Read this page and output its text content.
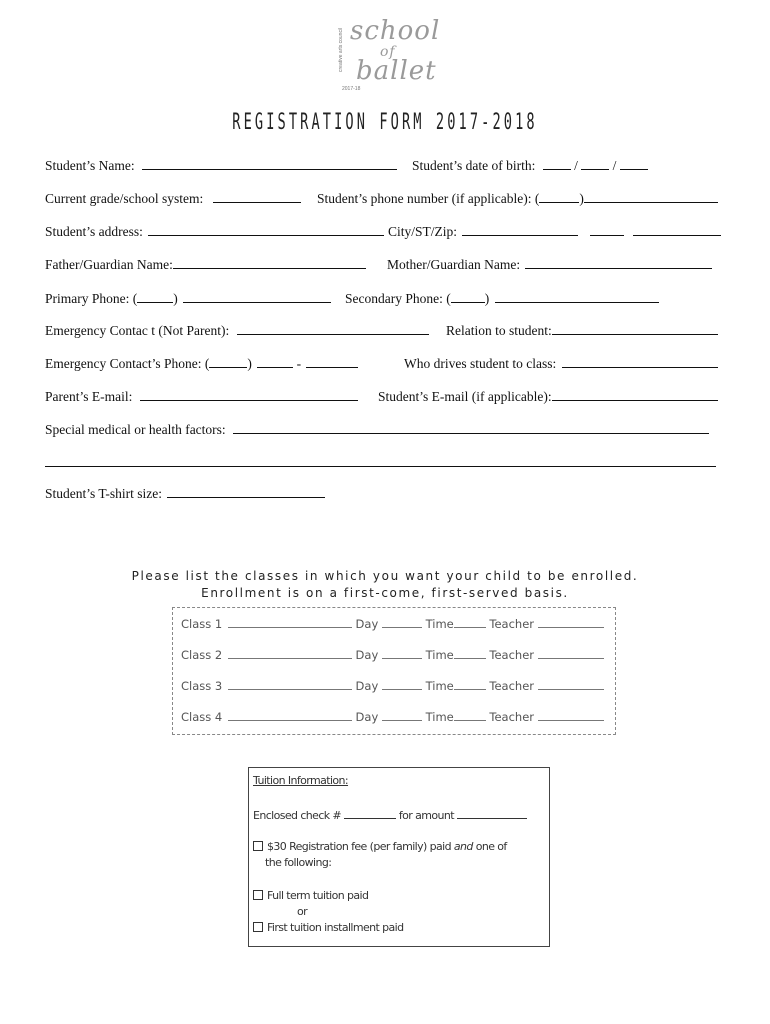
creative arts council school
of
ballet
2017-18
REGISTRATION FORM 2017-2018
Student’s Name:	Student’s date of birth:	/  /
Current grade/school system:	Student’s phone number (if applicable): (	)
Student’s address:	City/ST/Zip:
Father/Guardian Name:	Mother/Guardian Name:
Primary Phone: (	)	Secondary Phone: (	)
Emergency Contac t (Not Parent):	Relation to student:
Emergency Contact’s Phone: (	)	-	Who drives student to class:
Parent’s E-mail:	Student’s E-mail (if applicable):
Special medical or health factors:
Student’s T-shirt size:
Please list the classes in which you want your child to be enrolled.
Enrollment is on a first-come, first-served basis.
Class 1	Day	Time	Teacher
Class 2	Day	Time	Teacher
Class 3	Day	Time	Teacher
Class 4	Day	Time	Teacher
Tuition Information:
Enclosed check #	for amount
$30 Registration fee (per family) paid and one of
the following:
Full term tuition paid
or
First tuition installment paid
